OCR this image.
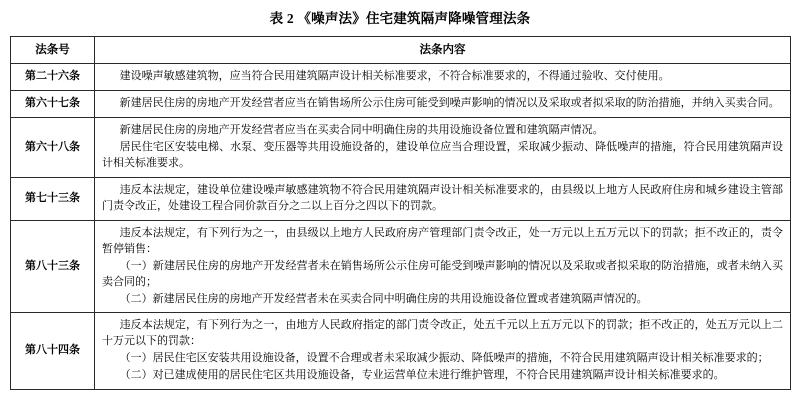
表 2 《噪声法》住宅建筑隔声降噪管理法条
法条号	法条内容
第二十六条	建设噪声敏感建筑物，应当符合民用建筑隔声设计相关标准要求，不符合标准要求的，不得通过验收、交付使用。

第六十七条	新建居民住房的房地产开发经营者应当在销售场所公示住房可能受到噪声影响的情况以及采取或者拟采取的防治措施，并纳入买卖合同。

第六十八条	新建居民住房的房地产开发经营者应当在买卖合同中明确住房的共用设施设备位置和建筑隔声情况。

居民住宅区安装电梯、水泵、变压器等共用设施设备的，建设单位应当合理设置，采取减少振动、降低噪声的措施，符合民用建筑隔声设计相关标准要求。

第七十三条	违反本法规定，建设单位建设噪声敏感建筑物不符合民用建筑隔声设计相关标准要求的，由县级以上地方人民政府住房和城乡建设主管部门责令改正，处建设工程合同价款百分之二以上百分之四以下的罚款。

第八十三条	违反本法规定，有下列行为之一，由县级以上地方人民政府房产管理部门责令改正，处一万元以上五万元以下的罚款；拒不改正的，责令暂停销售：

（一）新建居民住房的房地产开发经营者未在销售场所公示住房可能受到噪声影响的情况以及采取或者拟采取的防治措施，或者未纳入买卖合同的；

（二）新建居民住房的房地产开发经营者未在买卖合同中明确住房的共用设施设备位置或者建筑隔声情况的。

第八十四条	违反本法规定，有下列行为之一，由地方人民政府指定的部门责令改正，处五千元以上五万元以下的罚款；拒不改正的，处五万元以上二十万元以下的罚款：

（一）居民住宅区安装共用设施设备，设置不合理或者未采取减少振动、降低噪声的措施，不符合民用建筑隔声设计相关标准要求的；

（二）对已建成使用的居民住宅区共用设施设备，专业运营单位未进行维护管理，不符合民用建筑隔声设计相关标准要求的。
